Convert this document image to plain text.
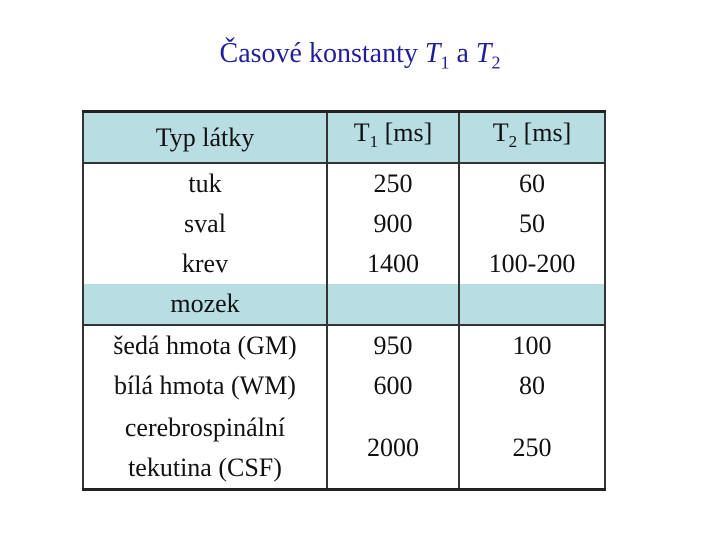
Časové konstanty $T_1$ a $T_2$
Typ látky	$T_1$ [ms]	$T_2$ [ms]
tuk	250	60
sval	900	50
krev	1400	100-200
mozek		
šedá hmota (GM)	950	100
bílá hmota (WM)	600	80
cerebrospinální
tekutina (CSF)	2000	250
